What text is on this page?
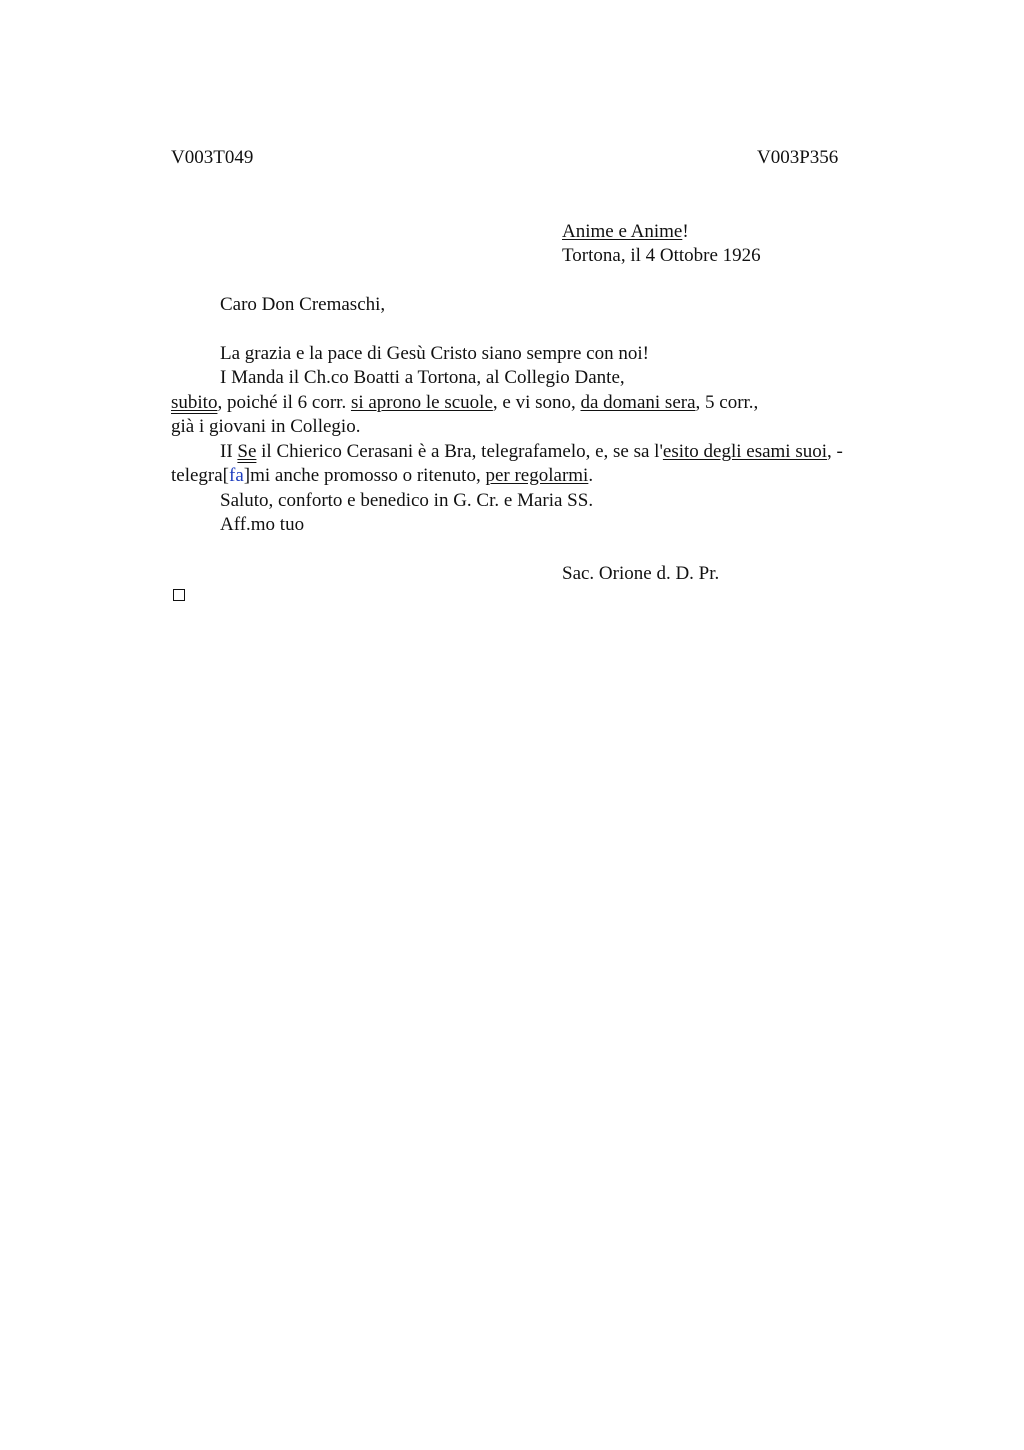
V003T049	V003P356
Anime e Anime!
Tortona, il 4 Ottobre 1926
Caro Don Cremaschi,
La grazia e la pace di Gesù Cristo siano sempre con noi!
I Manda il Ch.co Boatti a Tortona, al Collegio Dante,
subito, poiché il 6 corr. si aprono le scuole, e vi sono, da domani sera, 5 corr.,
già i giovani in Collegio.
II Se il Chierico Cerasani è a Bra, telegrafamelo, e, se sa l'esito degli esami suoi, -
telegra[fa]mi anche promosso o ritenuto, per regolarmi.
Saluto, conforto e benedico in G. Cr. e Maria SS.
Aff.mo tuo
Sac. Orione d. D. Pr.
